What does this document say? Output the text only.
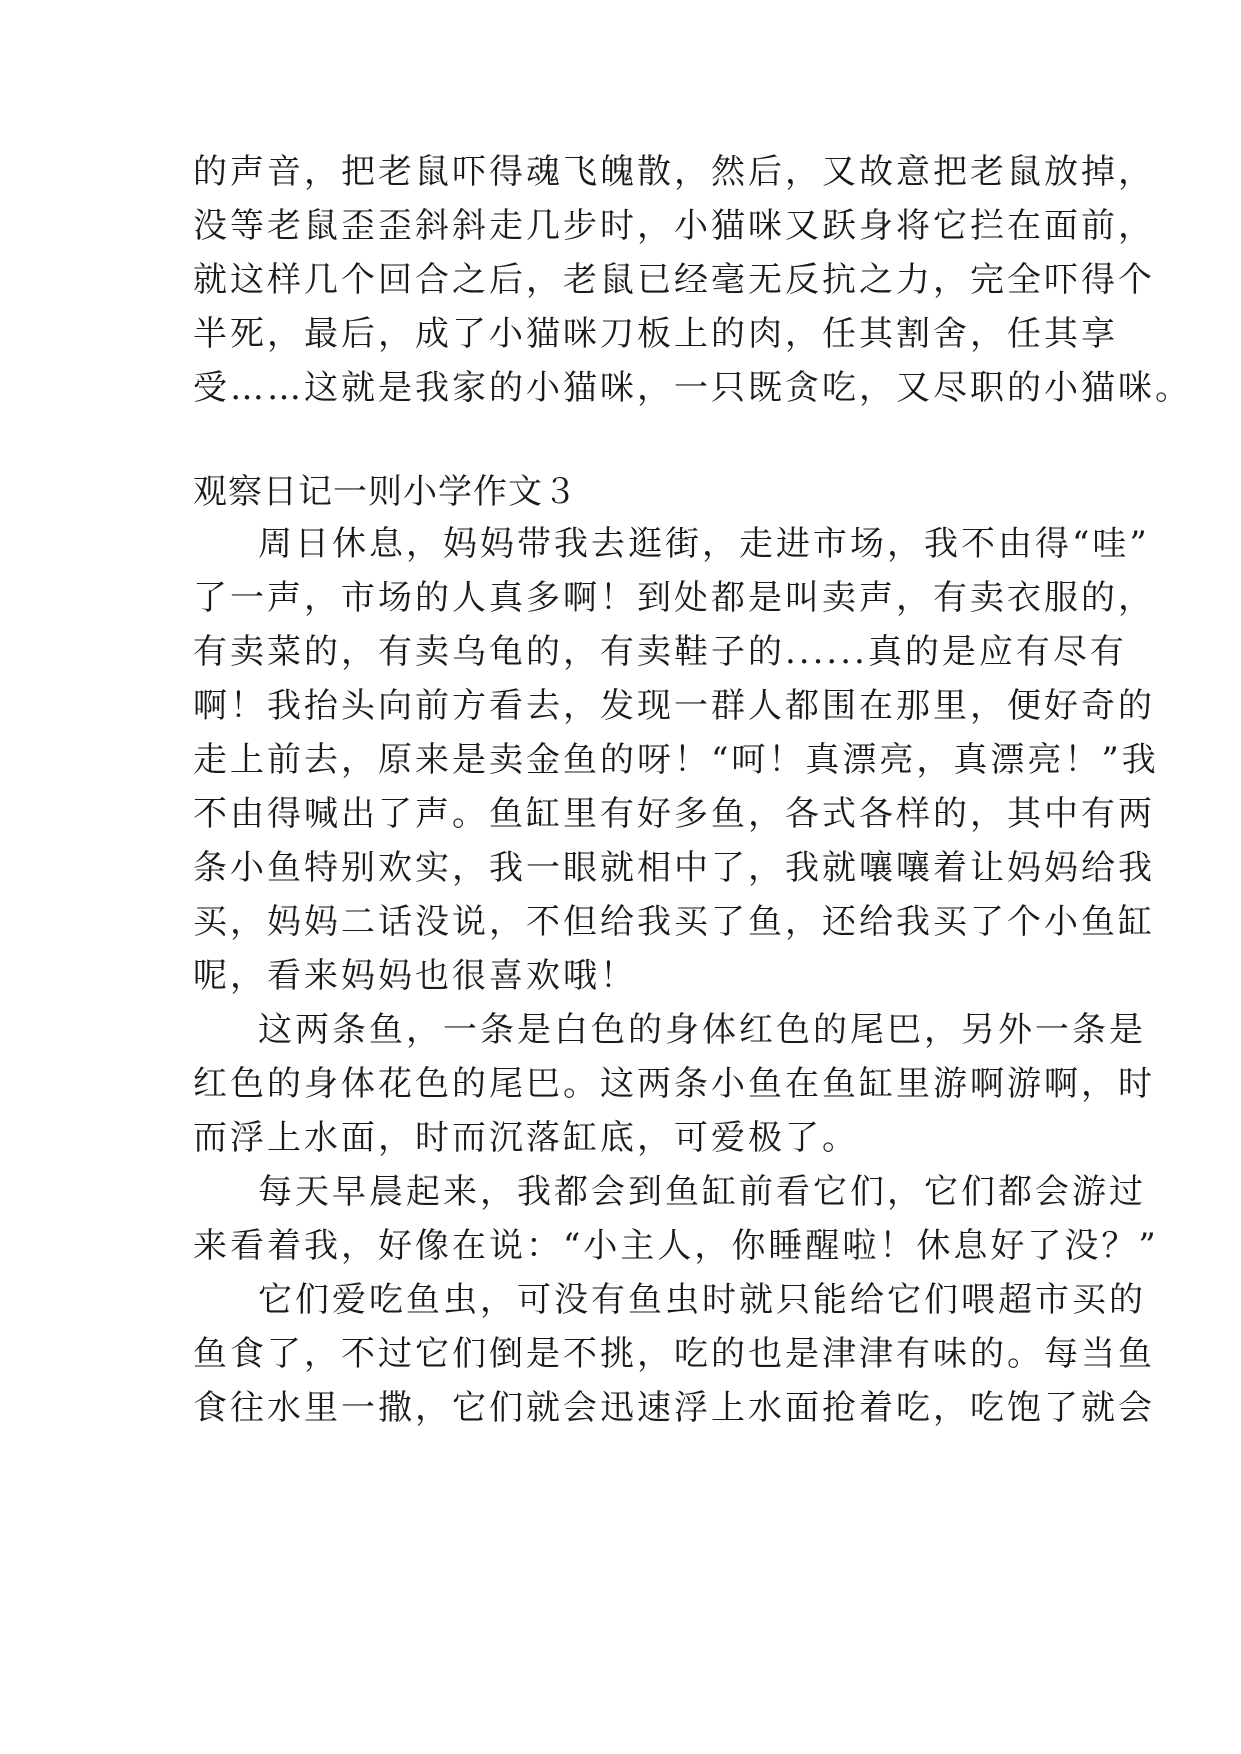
的声音，把老鼠吓得魂飞魄散，然后，又故意把老鼠放掉，
没等老鼠歪歪斜斜走几步时，小猫咪又跃身将它拦在面前，
就这样几个回合之后，老鼠已经毫无反抗之力，完全吓得个
半死，最后，成了小猫咪刀板上的肉，任其割舍，任其享
受……这就是我家的小猫咪，一只既贪吃，又尽职的小猫咪。
观察日记一则小学作文３
周日休息，妈妈带我去逛街，走进市场，我不由得“哇”
了一声，市场的人真多啊！到处都是叫卖声，有卖衣服的，
有卖菜的，有卖乌龟的，有卖鞋子的......真的是应有尽有
啊！我抬头向前方看去，发现一群人都围在那里，便好奇的
走上前去，原来是卖金鱼的呀！“呵！真漂亮，真漂亮！”我
不由得喊出了声。鱼缸里有好多鱼，各式各样的，其中有两
条小鱼特别欢实，我一眼就相中了，我就嚷嚷着让妈妈给我
买，妈妈二话没说，不但给我买了鱼，还给我买了个小鱼缸
呢，看来妈妈也很喜欢哦！
这两条鱼，一条是白色的身体红色的尾巴，另外一条是
红色的身体花色的尾巴。这两条小鱼在鱼缸里游啊游啊，时
而浮上水面，时而沉落缸底，可爱极了。
每天早晨起来，我都会到鱼缸前看它们，它们都会游过
来看着我，好像在说：“小主人，你睡醒啦！休息好了没？”
它们爱吃鱼虫，可没有鱼虫时就只能给它们喂超市买的
鱼食了，不过它们倒是不挑，吃的也是津津有味的。每当鱼
食往水里一撒，它们就会迅速浮上水面抢着吃，吃饱了就会
